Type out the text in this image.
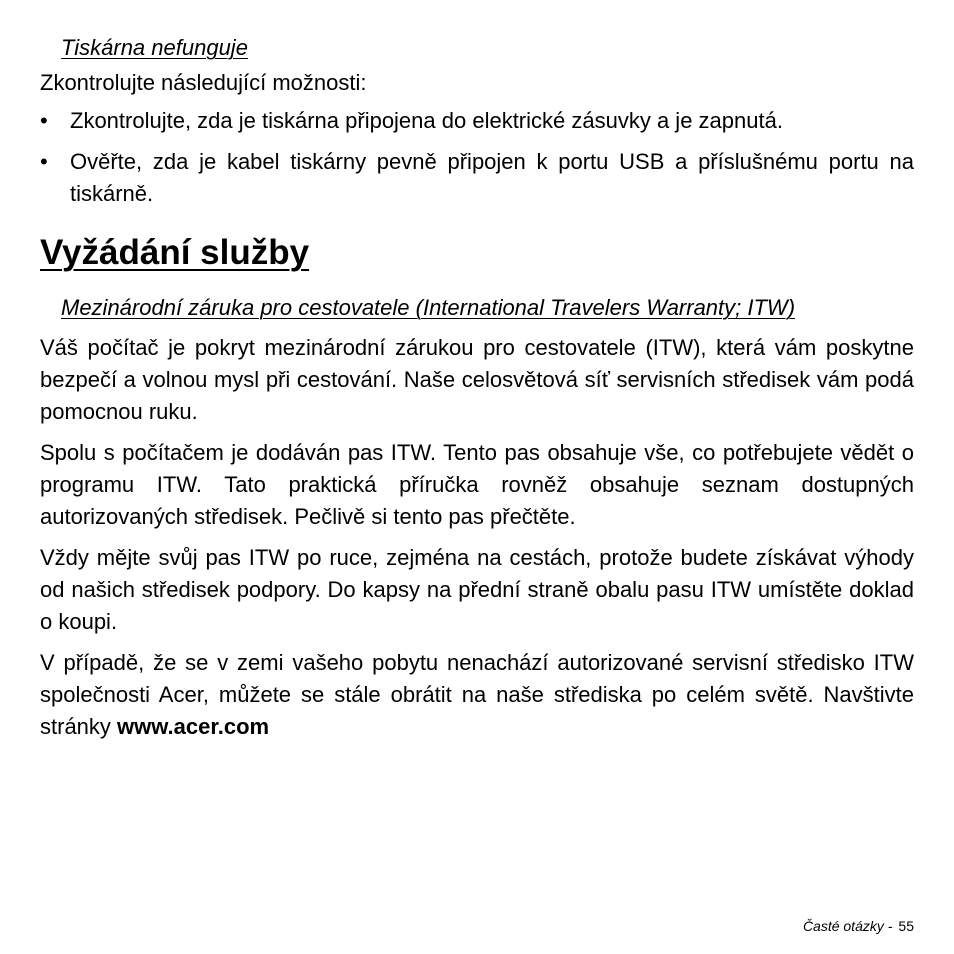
Tiskárna nefunguje

Zkontrolujte následující možnosti:

• Zkontrolujte, zda je tiskárna připojena do elektrické zásuvky a je zapnutá.
• Ověřte, zda je kabel tiskárny pevně připojen k portu USB a příslušnému portu na tiskárně.
Vyžádání služby
Mezinárodní záruka pro cestovatele (International Travelers Warranty; ITW)

Váš počítač je pokryt mezinárodní zárukou pro cestovatele (ITW), která vám poskytne bezpečí a volnou mysl při cestování. Naše celosvětová síť servisních středisek vám podá pomocnou ruku.

Spolu s počítačem je dodáván pas ITW. Tento pas obsahuje vše, co potřebujete vědět o programu ITW. Tato praktická příručka rovněž obsahuje seznam dostupných autorizovaných středisek. Pečlivě si tento pas přečtěte.

Vždy mějte svůj pas ITW po ruce, zejména na cestách, protože budete získávat výhody od našich středisek podpory. Do kapsy na přední straně obalu pasu ITW umístěte doklad o koupi.

V případě, že se v zemi vašeho pobytu nenachází autorizované servisní středisko ITW společnosti Acer, můžete se stále obrátit na naše střediska po celém světě. Navštivte stránky www.acer.com

Časté otázky - 55
